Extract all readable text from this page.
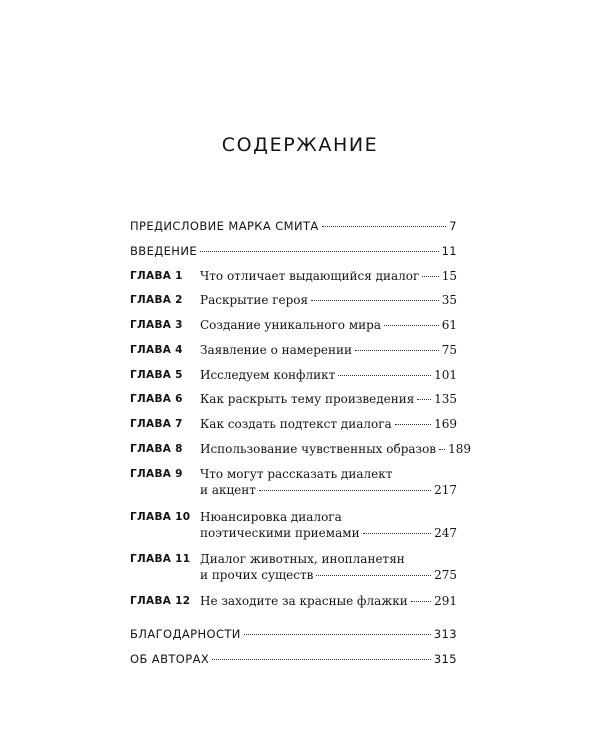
СОДЕРЖАНИЕ
ПРЕДИСЛОВИЕ МАРКА СМИТА	7
ВВЕДЕНИЕ	11
ГЛАВА 1 Что отличает выдающийся диалог 15
ГЛАВА 2 Раскрытие героя	35
ГЛАВА 3 Создание уникального мира	61
ГЛАВА 4 Заявление о намерении	75
ГЛАВА 5 Исследуем конфликт	101
ГЛАВА 6 Как раскрыть тему произведения 135
ГЛАВА 7 Как создать подтекст диалога	169
ГЛАВА 8 Использование чувственных образов 189
ГЛАВА 9 Что могут рассказать диалект
и акцент	217
ГЛАВА 10 Нюансировка диалога
поэтическими приемами	247
ГЛАВА 11 Диалог животных, инопланетян
и прочих существ	275
ГЛАВА 12 Не заходите за красные флажки 291
БЛАГОДАРНОСТИ	313
ОБ АВТОРАХ	315
